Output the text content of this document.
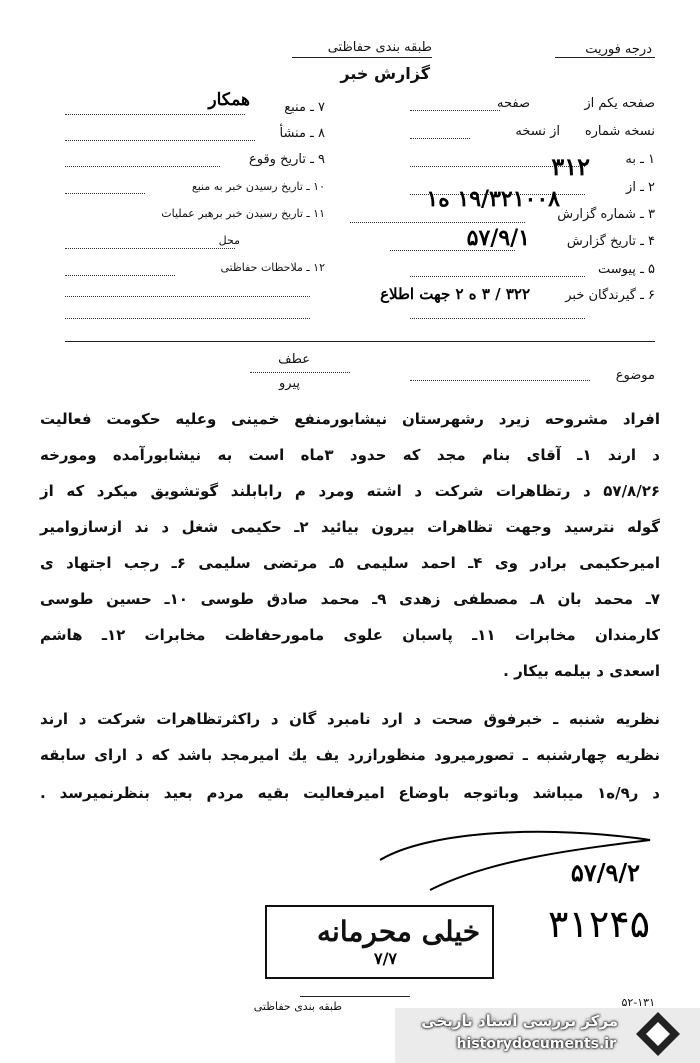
طبقه بندی حفاظتی
گزارش خبر
درجه فوریت
صفحه یکم از
صفحه
نسخه شماره
از نسخه
۱ ـ به
۲ ـ از
۳۱۲
۳ ـ شماره گزارش
۱۹/۳۲۱۰۰۸ ه۱
۴ ـ تاریخ گزارش
۵۷/۹/۱
۵ ـ پیوست
۶ ـ گیرندگان خبر
۳۲۲ / ۳ ه ۲ جهت اطلاع
۷ ـ منبع
همکار
۸ ـ منشأ
۹ ـ تاریخ وقوع
۱۰ ـ تاریخ رسیدن خبر به منبع
۱۱ ـ تاریخ رسیدن خبر برهبر عملیات
محل
۱۲ ـ ملاحظات حفاظتی
عطف
پیرو
موضوع
افراد مشروحه زیرد رشهرستان نیشابورمنفع خمینی وعلیه حکومت فعالیت
د ارند ۱ـ آقای بنام مجد که حدود ۳ماه است به نیشابورآمده ومورخه
۵۷/۸/۲۶ د رتظاهرات شرکت د اشته ومرد م رابابلند گوتشویق میکرد که از
گوله نترسید وجهت تظاهرات بیرون بیائید ۲ـ حکیمی شغل د ند ازسازوامیر
امیرحکیمی برادر وی ۴ـ احمد سلیمی ۵ـ مرتضی سلیمی ۶ـ رجب اجتهاد ی
۷ـ محمد بان ۸ـ مصطفی زهدی ۹ـ محمد صادق طوسی ۱۰ـ حسین طوسی
کارمندان مخابرات ۱۱ـ پاسبان علوی مامورحفاظت مخابرات ۱۲ـ هاشم
اسعدی د بیلمه بیکار .
نظریه شنبه ـ خبرفوق صحت د ارد نامبرد گان د راکثرتظاهرات شرکت د ارند
نظریه چهارشنبه ـ تصورمیرود منظورازرد یف یك امیرمجد باشد که د ارای سابقه
د ر۹/ه۱ میباشد وباتوجه باوضاع امیرفعالیت بقیه مردم بعید بنظرنمیرسد .
۵۷/۹/۲
خیلی محرمانه
۷/۷
۳۱۲۴۵
طبقه بندی حفاظتی	۵۲-۱۳۱
مرکز بررسی اسناد تاریخی
historydocuments.ir
